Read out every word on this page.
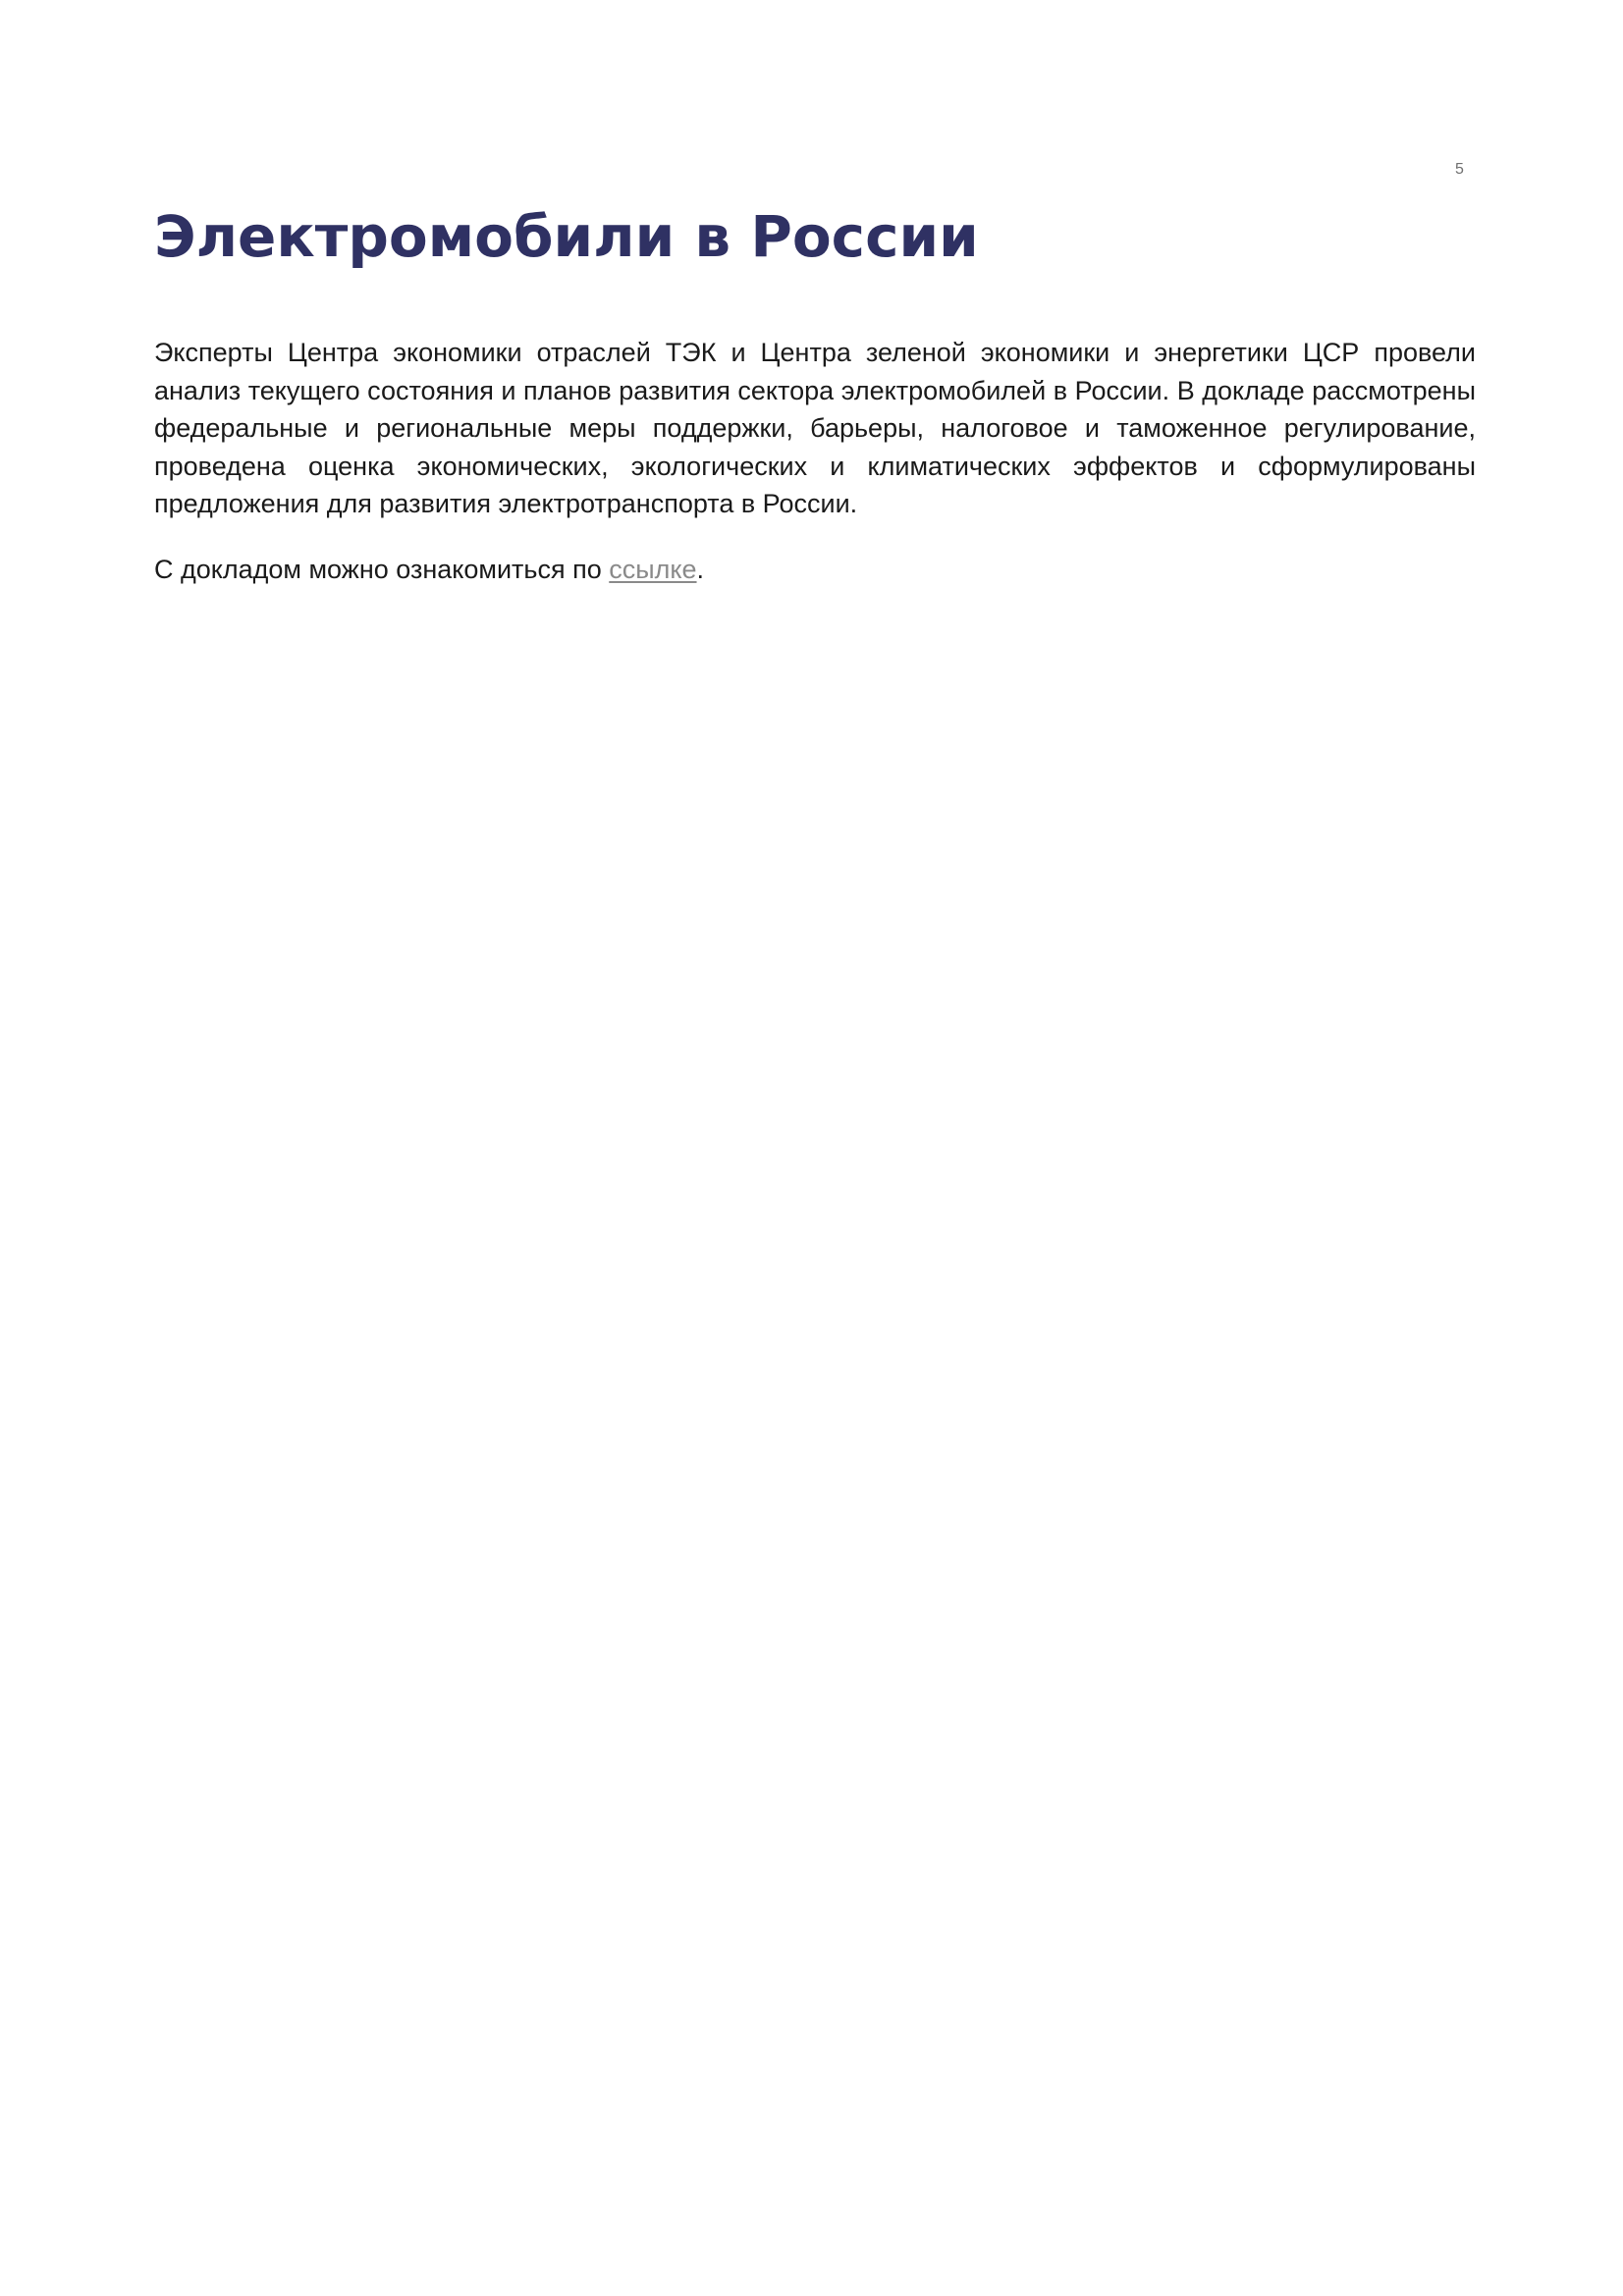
5
Электромобили в России

Эксперты Центра экономики отраслей ТЭК и Центра зеленой экономики и энергетики ЦСР провели анализ текущего состояния и планов развития сектора электромобилей в России. В докладе рассмотрены федеральные и региональные меры поддержки, барьеры, налоговое и таможенное регулирование, проведена оценка экономических, экологических и климатических эффектов и сформулированы предложения для развития электротранспорта в России.

С докладом можно ознакомиться по ссылке.
